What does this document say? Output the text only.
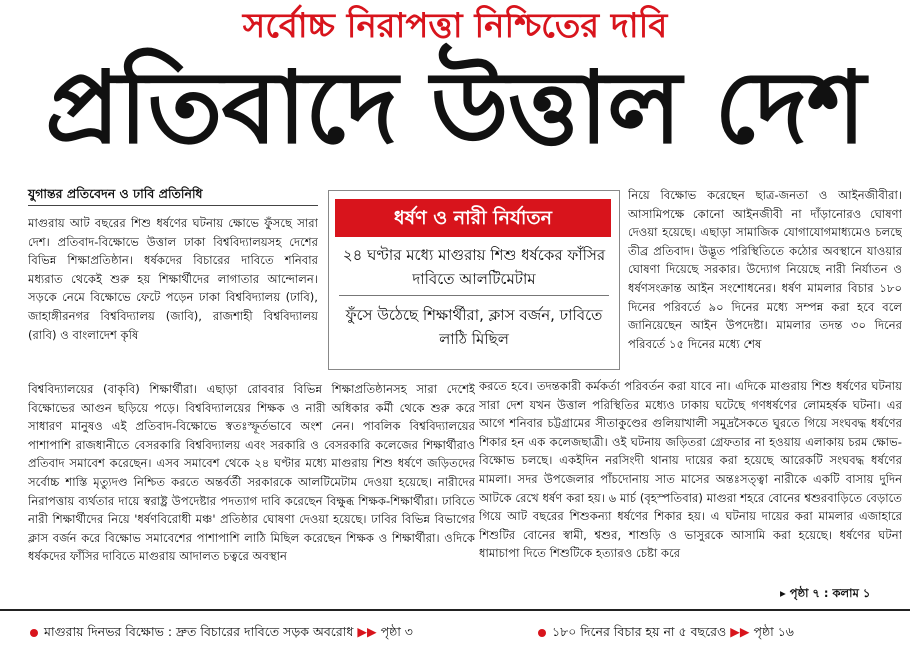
সর্বোচ্চ নিরাপত্তা নিশ্চিতের দাবি
প্রতিবাদে উত্তাল দেশ
যুগান্তর প্রতিবেদন ও ঢাবি প্রতিনিধি

মাগুরায় আট বছরের শিশু ধর্ষণের ঘটনায় ক্ষোভে ফুঁসছে সারা দেশ। প্রতিবাদ-বিক্ষোভে উত্তাল ঢাকা বিশ্ববিদ্যালয়সহ দেশের বিভিন্ন শিক্ষাপ্রতিষ্ঠান। ধর্ষকদের বিচারের দাবিতে শনিবার মধ্যরাত থেকেই শুরু হয় শিক্ষার্থীদের লাগাতার আন্দোলন। সড়কে নেমে বিক্ষোভে ফেটে পড়েন ঢাকা বিশ্ববিদ্যালয় (ঢাবি), জাহাঙ্গীরনগর বিশ্ববিদ্যালয় (জাবি), রাজশাহী বিশ্ববিদ্যালয় (রাবি) ও বাংলাদেশ কৃষি

ধর্ষণ ও নারী নির্যাতন
২৪ ঘণ্টার মধ্যে মাগুরায় শিশু ধর্ষকের ফাঁসির দাবিতে আলটিমেটাম
ফুঁসে উঠেছে শিক্ষার্থীরা, ক্লাস বর্জন, ঢাবিতে লাঠি মিছিল

নিয়ে বিক্ষোভ করেছেন ছাত্র-জনতা ও আইনজীবীরা। আসামিপক্ষে কোনো আইনজীবী না দাঁড়ানোরও ঘোষণা দেওয়া হয়েছে। এছাড়া সামাজিক যোগাযোগমাধ্যমেও চলছে তীব্র প্রতিবাদ। উদ্ভূত পরিস্থিতিতে কঠোর অবস্থানে যাওয়ার ঘোষণা দিয়েছে সরকার। উদ্যোগ নিয়েছে নারী নির্যাতন ও ধর্ষণসংক্রান্ত আইন সংশোধনের। ধর্ষণ মামলার বিচার ১৮০ দিনের পরিবর্তে ৯০ দিনের মধ্যে সম্পন্ন করা হবে বলে জানিয়েছেন আইন উপদেষ্টা। মামলার তদন্ত ৩০ দিনের পরিবর্তে ১৫ দিনের মধ্যে শেষ

বিশ্ববিদ্যালয়ের (বাকৃবি) শিক্ষার্থীরা। এছাড়া রোববার বিভিন্ন শিক্ষাপ্রতিষ্ঠানসহ সারা দেশেই বিক্ষোভের আগুন ছড়িয়ে পড়ে। বিশ্ববিদ্যালয়ের শিক্ষক ও নারী অধিকার কর্মী থেকে শুরু করে সাধারণ মানুষও এই প্রতিবাদ-বিক্ষোভে স্বতঃস্ফূর্তভাবে অংশ নেন। পাবলিক বিশ্ববিদ্যালয়ের পাশাপাশি রাজধানীতে বেসরকারি বিশ্ববিদ্যালয় এবং সরকারি ও বেসরকারি কলেজের শিক্ষার্থীরাও প্রতিবাদ সমাবেশ করেছেন। এসব সমাবেশ থেকে ২৪ ঘণ্টার মধ্যে মাগুরায় শিশু ধর্ষণে জড়িতদের সর্বোচ্চ শাস্তি মৃত্যুদণ্ড নিশ্চিত করতে অন্তর্বর্তী সরকারকে আলটিমেটাম দেওয়া হয়েছে। নারীদের নিরাপত্তায় ব্যর্থতার দায়ে স্বরাষ্ট্র উপদেষ্টার পদত্যাগ দাবি করেছেন বিক্ষুব্ধ শিক্ষক-শিক্ষার্থীরা। ঢাবিতে নারী শিক্ষার্থীদের নিয়ে 'ধর্ষণবিরোধী মঞ্চ' প্রতিষ্ঠার ঘোষণা দেওয়া হয়েছে। ঢাবির বিভিন্ন বিভাগের ক্লাস বর্জন করে বিক্ষোভ সমাবেশের পাশাপাশি লাঠি মিছিল করেছেন শিক্ষক ও শিক্ষার্থীরা। ওদিকে ধর্ষকদের ফাঁসির দাবিতে মাগুরায় আদালত চত্বরে অবস্থান

করতে হবে। তদন্তকারী কর্মকর্তা পরিবর্তন করা যাবে না। এদিকে মাগুরায় শিশু ধর্ষণের ঘটনায় সারা দেশ যখন উত্তাল পরিস্থিতির মধ্যেও ঢাকায় ঘটেছে গণধর্ষণের লোমহর্ষক ঘটনা। এর আগে শনিবার চট্টগ্রামের সীতাকুণ্ডের গুলিয়াখালী সমুদ্রসৈকতে ঘুরতে গিয়ে সংঘবদ্ধ ধর্ষণের শিকার হন এক কলেজছাত্রী। ওই ঘটনায় জড়িতরা গ্রেফতার না হওয়ায় এলাকায় চরম ক্ষোভ-বিক্ষোভ চলছে। একইদিন নরসিংদী থানায় দায়ের করা হয়েছে আরেকটি সংঘবদ্ধ ধর্ষণের মামলা। সদর উপজেলার পাঁচদোনায় সাত মাসের অন্তঃসত্ত্বা নারীকে একটি বাসায় দুদিন আটকে রেখে ধর্ষণ করা হয়। ৬ মার্চ (বৃহস্পতিবার) মাগুরা শহরে বোনের শ্বশুরবাড়িতে বেড়াতে গিয়ে আট বছরের শিশুকন্যা ধর্ষণের শিকার হয়। এ ঘটনায় দায়ের করা মামলার এজাহারে শিশুটির বোনের স্বামী, শ্বশুর, শাশুড়ি ও ভাসুরকে আসামি করা হয়েছে। ধর্ষণের ঘটনা ধামাচাপা দিতে শিশুটিকে হত্যারও চেষ্টা করে

▸ পৃষ্ঠা ৭ : কলাম ১
মাগুরায় দিনভর বিক্ষোভ : দ্রুত বিচারের দাবিতে সড়ক অবরোধ ▶▶ পৃষ্ঠা ৩	১৮০ দিনের বিচার হয় না ৫ বছরেও ▶▶ পৃষ্ঠা ১৬
